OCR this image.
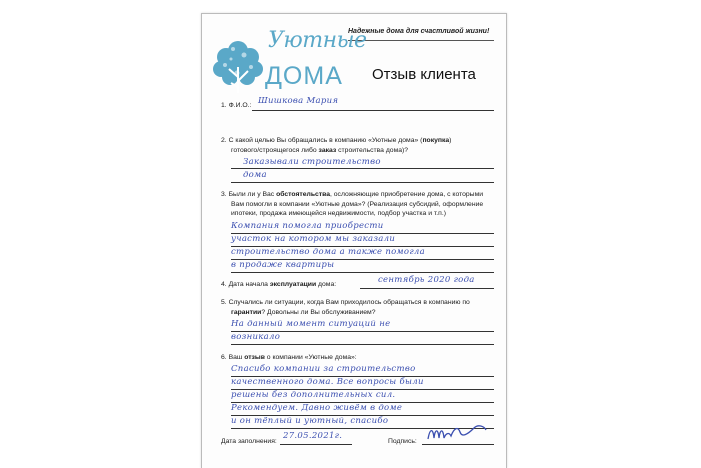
Надежные дома для счастливой жизни!
Уютные
ДОМА Отзыв клиента
1. Ф.И.О.: Шишкова Мария
2. С какой целью Вы обращались в компанию «Уютные дома» (покупка)
готового/строящегося либо заказ строительства дома)?
Заказывали строительство
дома
3. Были ли у Вас обстоятельства, осложняющие приобретение дома, с которыми
Вам помогли в компании «Уютные дома»? (Реализация субсидий, оформление
ипотеки, продажа имеющейся недвижимости, подбор участка и т.п.)
Компания помогла приобрести
участок на котором мы заказали
строительство дома а также помогла
в продаже квартиры
4. Дата начала эксплуатации дома:	сентябрь 2020 года
5. Случались ли ситуации, когда Вам приходилось обращаться в компанию по
гарантии? Довольны ли Вы обслуживанием?
На данный момент ситуаций не
возникало
6. Ваш отзыв о компании «Уютные дома»:
Спасибо компании за строительство
качественного дома. Все вопросы были
решены без дополнительных сил.
Рекомендуем. Давно живём в доме
и он тёплый и уютный, спасибо
Дата заполнения:
27.05.2021г.
Подпись:
